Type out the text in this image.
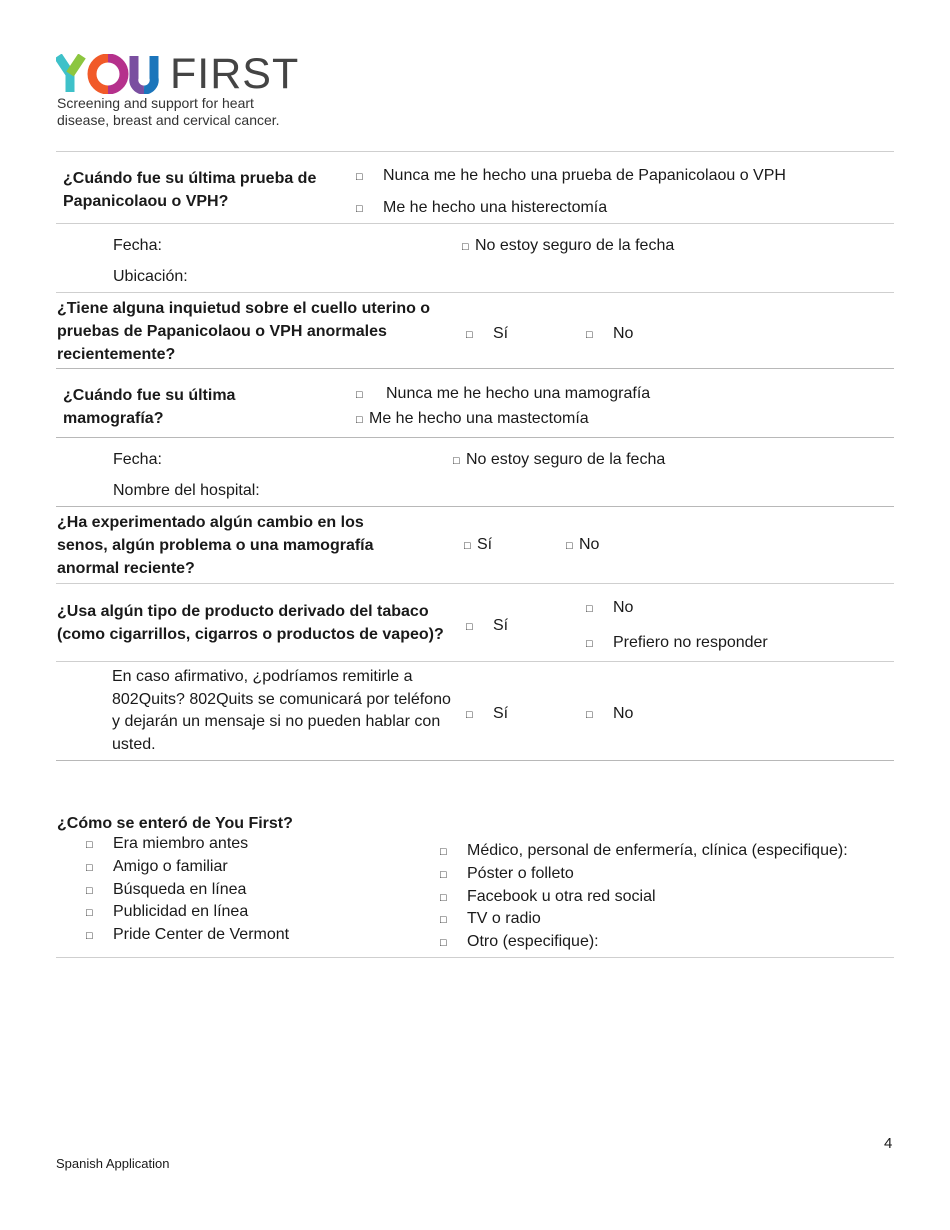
FIRST
Screening and support for heart
disease, breast and cervical cancer.
¿Cuándo fue su última prueba de Papanicolaou o VPH?
□ Nunca me he hecho una prueba de Papanicolaou o VPH
□ Me he hecho una histerectomía
Fecha:
Ubicación:
□ No estoy seguro de la fecha
¿Tiene alguna inquietud sobre el cuello uterino o pruebas de Papanicolaou o VPH anormales recientemente?
□ Sí	□ No
¿Cuándo fue su última mamografía?
□ Nunca me he hecho una mamografía
□ Me he hecho una mastectomía
Fecha:
Nombre del hospital:
□ No estoy seguro de la fecha
¿Ha experimentado algún cambio en los senos, algún problema o una mamografía anormal reciente?
□ Sí	□ No
¿Usa algún tipo de producto derivado del tabaco (como cigarrillos, cigarros o productos de vapeo)?	□ Sí
□ No
□ Prefiero no responder
En caso afirmativo, ¿podríamos remitirle a 802Quits? 802Quits se comunicará por teléfono y dejarán un mensaje si no pueden hablar con usted.
□ Sí	□ No
¿Cómo se enteró de You First?
□ Era miembro antes
□ Amigo o familiar
□ Búsqueda en línea
□ Publicidad en línea
□ Pride Center de Vermont
□ Médico, personal de enfermería, clínica (especifique):
□ Póster o folleto
□ Facebook u otra red social
□ TV o radio
□ Otro (especifique):
4
Spanish Application
